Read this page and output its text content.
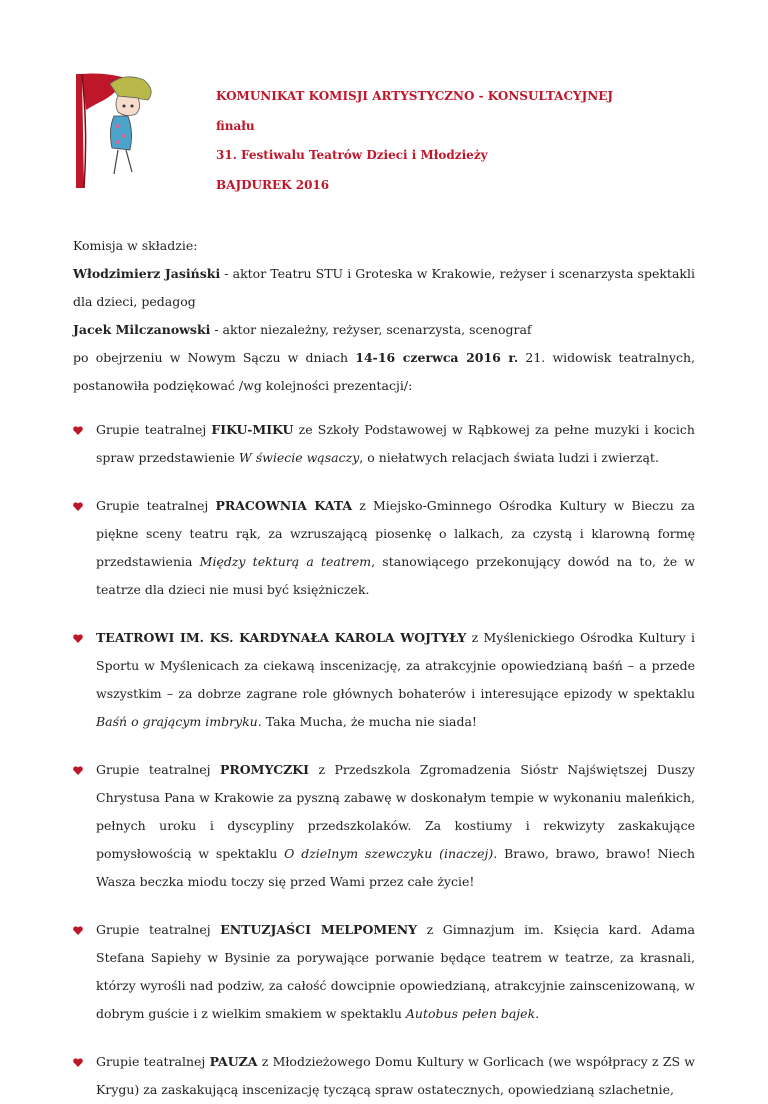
KOMUNIKAT KOMISJI ARTYSTYCZNO - KONSULTACYJNEJ
finału
31. Festiwalu Teatrów Dzieci i Młodzieży
BAJDUREK 2016

Komisja w składzie:

Włodzimierz Jasiński - aktor Teatru STU i Groteska w Krakowie, reżyser i scenarzysta spektakli dla dzieci, pedagog

Jacek Milczanowski - aktor niezależny, reżyser, scenarzysta, scenograf

po obejrzeniu w Nowym Sączu w dniach 14-16 czerwca 2016 r. 21. widowisk teatralnych, postanowiła podziękować /wg kolejności prezentacji/:

Grupie teatralnej FIKU-MIKU ze Szkoły Podstawowej w Rąbkowej za pełne muzyki i kocich spraw przedstawienie W świecie wąsaczy, o niełatwych relacjach świata ludzi i zwierząt.
Grupie teatralnej PRACOWNIA KATA z Miejsko-Gminnego Ośrodka Kultury w Bieczu za piękne sceny teatru rąk, za wzruszającą piosenkę o lalkach, za czystą i klarowną formę przedstawienia Między tekturą a teatrem, stanowiącego przekonujący dowód na to, że w teatrze dla dzieci nie musi być księżniczek.
TEATROWI IM. KS. KARDYNAŁA KAROLA WOJTYŁY z Myślenickiego Ośrodka Kultury i Sportu w Myślenicach za ciekawą inscenizację, za atrakcyjnie opowiedzianą baśń – a przede wszystkim – za dobrze zagrane role głównych bohaterów i interesujące epizody w spektaklu Baśń o grającym imbryku. Taka Mucha, że mucha nie siada!
Grupie teatralnej PROMYCZKI z Przedszkola Zgromadzenia Sióstr Najświętszej Duszy Chrystusa Pana w Krakowie za pyszną zabawę w doskonałym tempie w wykonaniu maleńkich, pełnych uroku i dyscypliny przedszkolaków. Za kostiumy i rekwizyty zaskakujące pomysłowością w spektaklu O dzielnym szewczyku (inaczej). Brawo, brawo, brawo! Niech Wasza beczka miodu toczy się przed Wami przez całe życie!
Grupie teatralnej ENTUZJAŚCI MELPOMENY z Gimnazjum im. Księcia kard. Adama Stefana Sapiehy w Bysinie za porywające porwanie będące teatrem w teatrze, za krasnali, którzy wyrośli nad podziw, za całość dowcipnie opowiedzianą, atrakcyjnie zainscenizowaną, w dobrym guście i z wielkim smakiem w spektaklu Autobus pełen bajek.
Grupie teatralnej PAUZA z Młodzieżowego Domu Kultury w Gorlicach (we współpracy z ZS w Krygu) za zaskakującą inscenizację tyczącą spraw ostatecznych, opowiedzianą szlachetnie,
